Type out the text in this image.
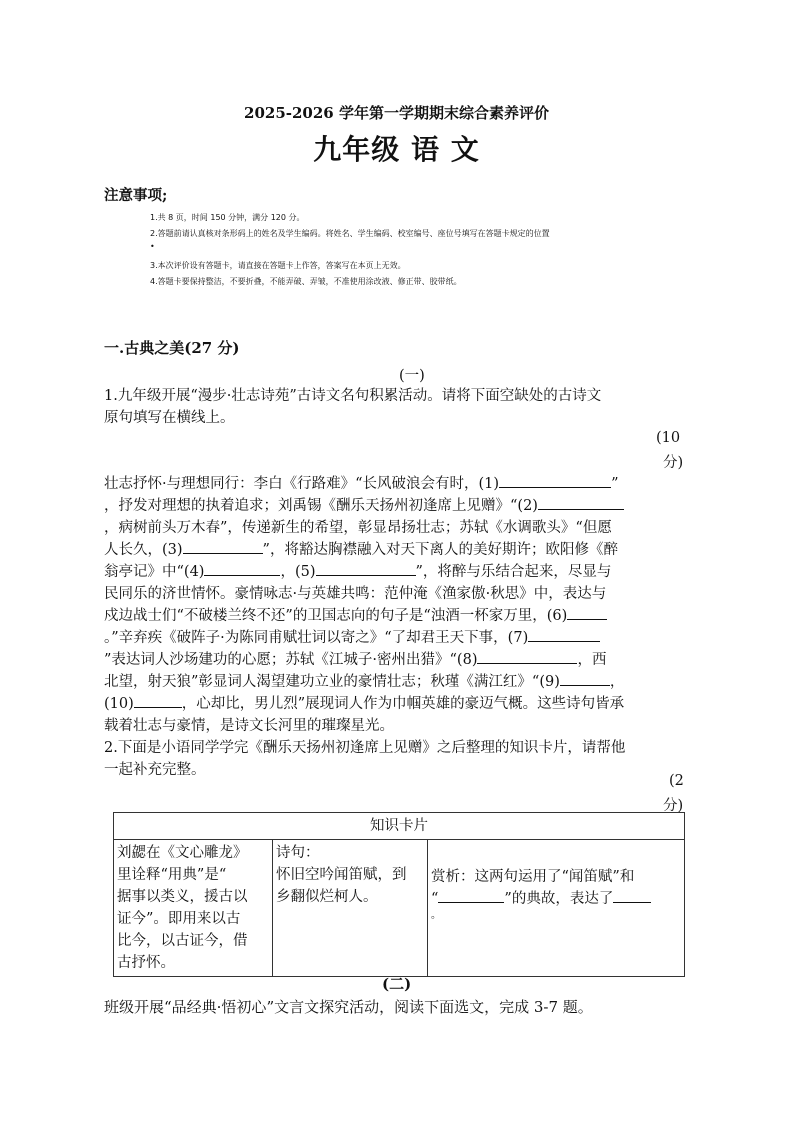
2025-2026 学年第一学期期末综合素养评价
九年级 语 文
注意事项;
1.共 8 页，时间 150 分钟，满分 120 分。
2.答题前请认真核对条形码上的姓名及学生编码。将姓名、学生编码、校室编号、座位号填写在答题卡规定的位置
•
3.本次评价设有答题卡，请直接在答题卡上作答，答案写在本页上无效。
4.答题卡要保持整洁，不要折叠，不能弄破、弄皱，不准使用涂改液、修正带、胶带纸。
一.古典之美(27 分)
(一)
1.九年级开展“漫步·壮志诗苑”古诗文名句积累活动。请将下面空缺处的古诗文
原句填写在横线上。
(10
分)
壮志抒怀·与理想同行：李白《行路难》“长风破浪会有时，(1)	”
，抒发对理想的执着追求；刘禹锡《酬乐天扬州初逢席上见赠》“(2)
，病树前头万木春”，传递新生的希望，彰显昂扬壮志；苏轼《水调歌头》“但愿
人长久，(3)	”，将豁达胸襟融入对天下离人的美好期许；欧阳修《醉
翁亭记》中“(4)	，(5)	”，将醉与乐结合起来，尽显与
民同乐的济世情怀。豪情咏志·与英雄共鸣：范仲淹《渔家傲·秋思》中，表达与
戍边战士们“不破楼兰终不还”的卫国志向的句子是“浊酒一杯家万里，(6)
。”辛弃疾《破阵子·为陈同甫赋壮词以寄之》“了却君王天下事，(7)
”表达词人沙场建功的心愿；苏轼《江城子·密州出猎》“(8)	，西
北望，射天狼”彰显词人渴望建功立业的豪情壮志；秋瑾《满江红》“(9)	，
(10)	，心却比，男儿烈”展现词人作为巾帼英雄的豪迈气概。这些诗句皆承
载着壮志与豪情，是诗文长河里的璀璨星光。
2.下面是小语同学学完《酬乐天扬州初逢席上见赠》之后整理的知识卡片，请帮他
一起补充完整。
(2
分)
知识卡片

刘勰在《文心雕龙》
里诠释“用典”是“
据事以类义，援古以
证今”。即用来以古
比今，以古证今，借
古抒怀。

诗句：
怀旧空吟闻笛赋，到
乡翻似烂柯人。

赏析：这两句运用了“闻笛赋”和
“	”的典故，表达了
。
(二)
班级开展“品经典·悟初心”文言文探究活动，阅读下面选文，完成 3-7 题。
